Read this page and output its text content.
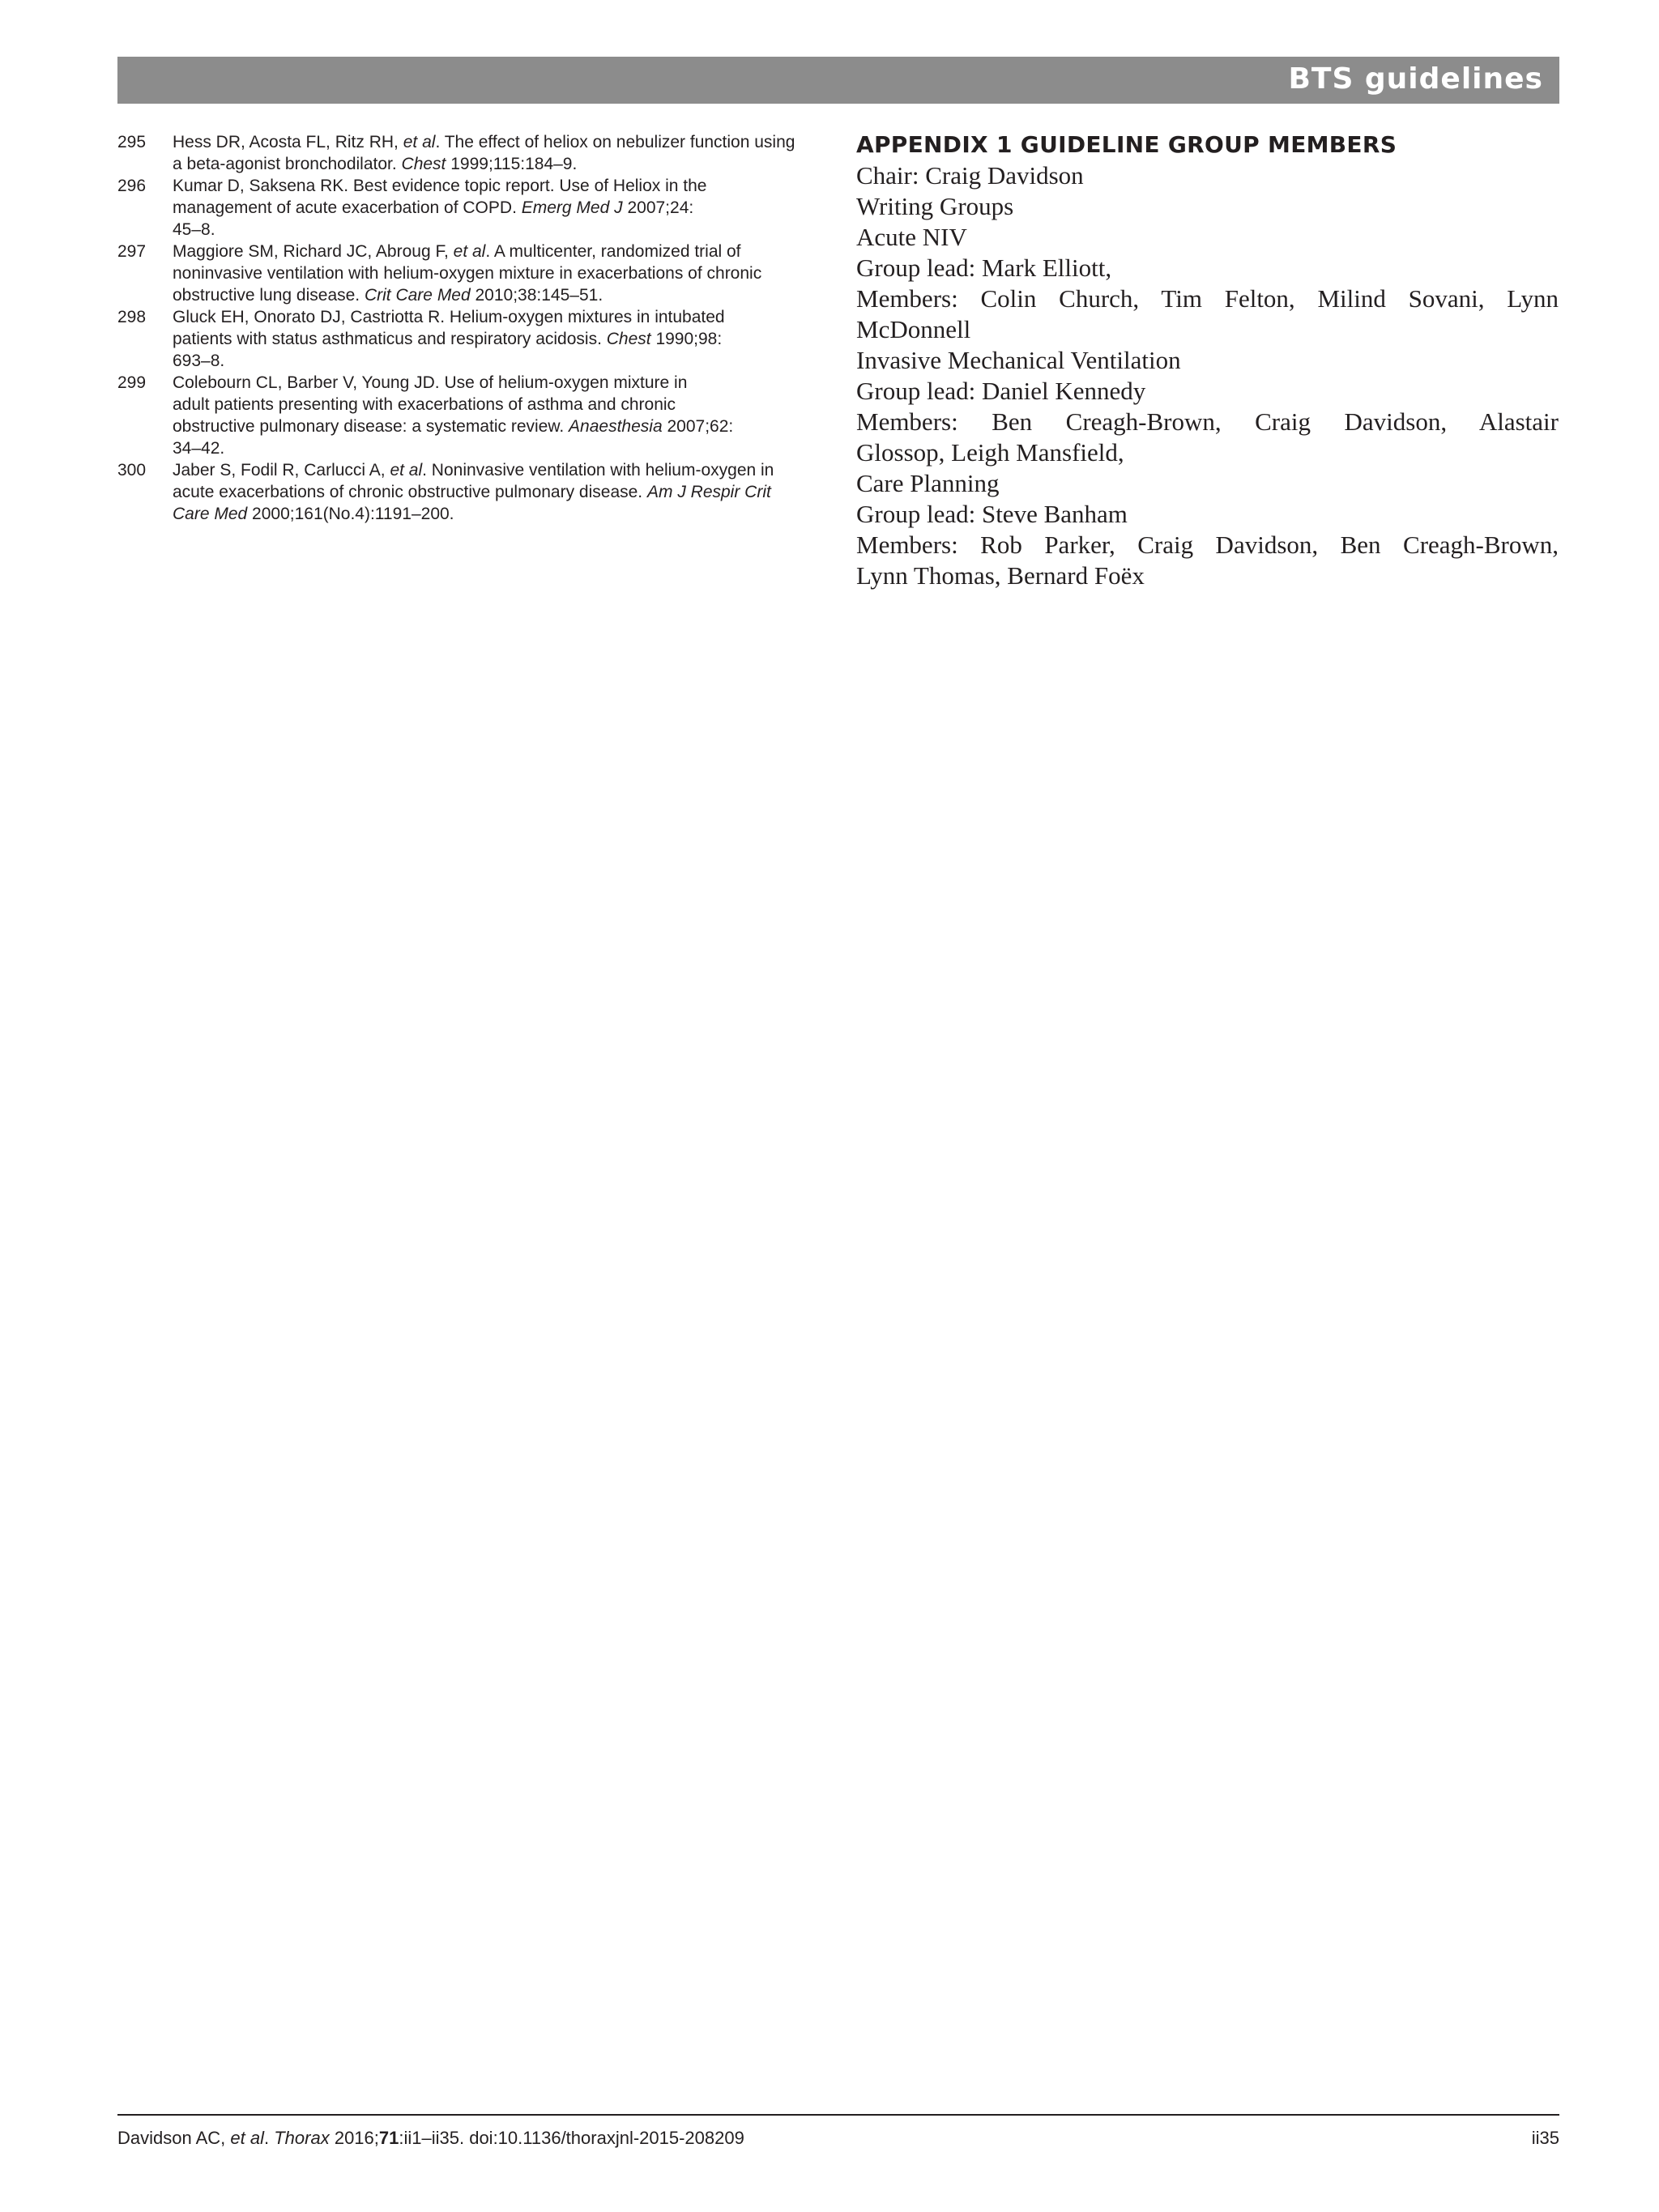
BTS guidelines
295	Hess DR, Acosta FL, Ritz RH, et al. The effect of heliox on nebulizer function using
a beta-agonist bronchodilator. Chest 1999;115:184–9.
296	Kumar D, Saksena RK. Best evidence topic report. Use of Heliox in the
management of acute exacerbation of COPD. Emerg Med J 2007;24:
45–8.
297	Maggiore SM, Richard JC, Abroug F, et al. A multicenter, randomized trial of
noninvasive ventilation with helium-oxygen mixture in exacerbations of chronic
obstructive lung disease. Crit Care Med 2010;38:145–51.
298	Gluck EH, Onorato DJ, Castriotta R. Helium-oxygen mixtures in intubated
patients with status asthmaticus and respiratory acidosis. Chest 1990;98:
693–8.
299	Colebourn CL, Barber V, Young JD. Use of helium-oxygen mixture in
adult patients presenting with exacerbations of asthma and chronic
obstructive pulmonary disease: a systematic review. Anaesthesia 2007;62:
34–42.
300	Jaber S, Fodil R, Carlucci A, et al. Noninvasive ventilation with helium-oxygen in
acute exacerbations of chronic obstructive pulmonary disease. Am J Respir Crit
Care Med 2000;161(No.4):1191–200.
APPENDIX 1 GUIDELINE GROUP MEMBERS
Chair: Craig Davidson
Writing Groups
Acute NIV
Group lead: Mark Elliott,
Members: Colin Church, Tim Felton, Milind Sovani, Lynn
McDonnell
Invasive Mechanical Ventilation
Group lead: Daniel Kennedy
Members: Ben Creagh-Brown, Craig Davidson, Alastair
Glossop, Leigh Mansfield,
Care Planning
Group lead: Steve Banham
Members: Rob Parker, Craig Davidson, Ben Creagh-Brown,
Lynn Thomas, Bernard Foëx
Davidson AC, et al. Thorax 2016;71:ii1–ii35. doi:10.1136/thoraxjnl-2015-208209	ii35
